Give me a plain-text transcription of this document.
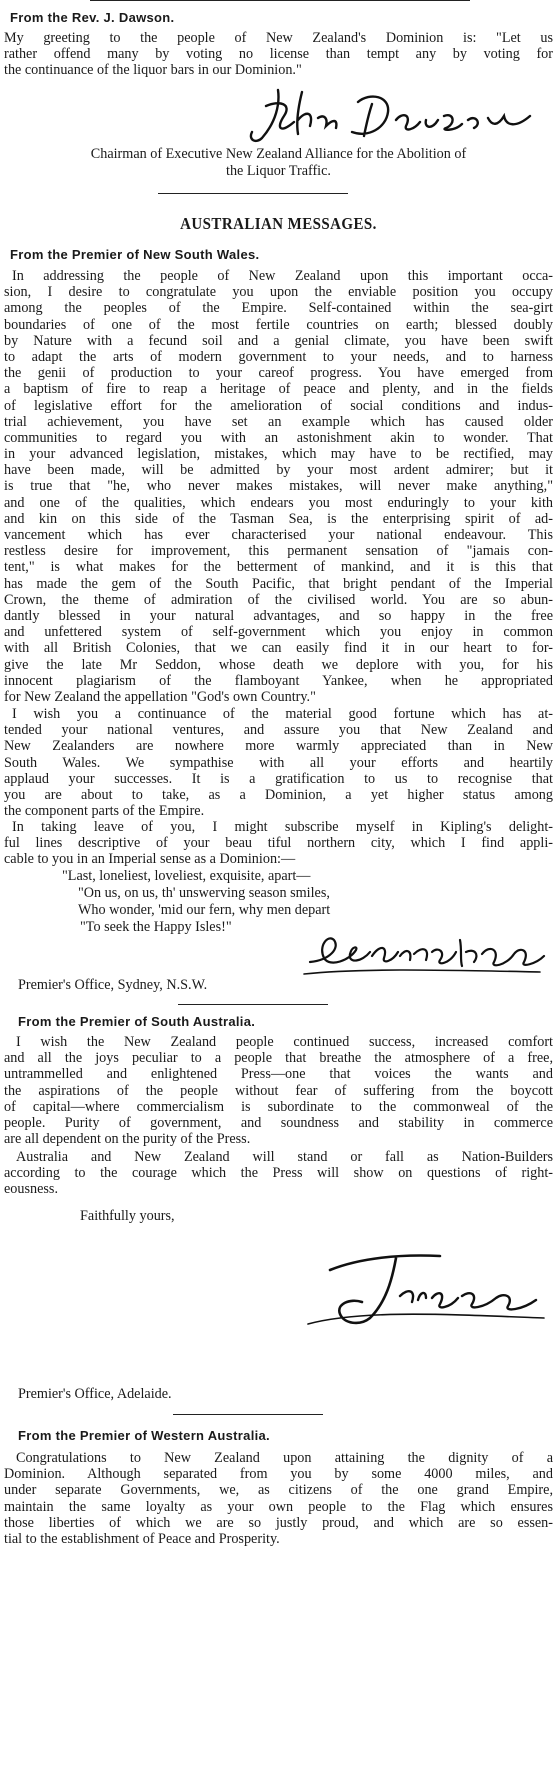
From the Rev. J. Dawson.
My greeting to the people of New Zealand's Dominion is: "Let us
rather offend many by voting no license than tempt any by voting for
the continuance of the liquor bars in our Dominion."
Chairman of Executive New Zealand Alliance for the Abolition of
the Liquor Traffic.
AUSTRALIAN MESSAGES.
From the Premier of New South Wales.
In addressing the people of New Zealand upon this important occa-
sion, I desire to congratulate you upon the enviable position you occupy
among the peoples of the Empire. Self-contained within the sea-girt
boundaries of one of the most fertile countries on earth; blessed doubly
by Nature with a fecund soil and a genial climate, you have been swift
to adapt the arts of modern government to your needs, and to harness
the genii of production to your careof progress. You have emerged from
a baptism of fire to reap a heritage of peace and plenty, and in the fields
of legislative effort for the amelioration of social conditions and indus-
trial achievement, you have set an example which has caused older
communities to regard you with an astonishment akin to wonder. That
in your advanced legislation, mistakes, which may have to be rectified, may
have been made, will be admitted by your most ardent admirer; but it
is true that "he, who never makes mistakes, will never make anything,"
and one of the qualities, which endears you most enduringly to your kith
and kin on this side of the Tasman Sea, is the enterprising spirit of ad-
vancement which has ever characterised your national endeavour. This
restless desire for improvement, this permanent sensation of "jamais con-
tent," is what makes for the betterment of mankind, and it is this that
has made the gem of the South Pacific, that bright pendant of the Imperial
Crown, the theme of admiration of the civilised world. You are so abun-
dantly blessed in your natural advantages, and so happy in the free
and unfettered system of self-government which you enjoy in common
with all British Colonies, that we can easily find it in our heart to for-
give the late Mr Seddon, whose death we deplore with you, for his
innocent plagiarism of the flamboyant Yankee, when he appropriated
for New Zealand the appellation "God's own Country."
I wish you a continuance of the material good fortune which has at-
tended your national ventures, and assure you that New Zealand and
New Zealanders are nowhere more warmly appreciated than in New
South Wales. We sympathise with all your efforts and heartily
applaud your successes. It is a gratification to us to recognise that
you are about to take, as a Dominion, a yet higher status among
the component parts of the Empire.
In taking leave of you, I might subscribe myself in Kipling's delight-
ful lines descriptive of your beau tiful northern city, which I find appli-
cable to you in an Imperial sense as a Dominion:—
"Last, loneliest, loveliest, exquisite, apart—
"On us, on us, th' unswerving season smiles,
Who wonder, 'mid our fern, why men depart
"To seek the Happy Isles!"
Premier's Office, Sydney, N.S.W.
From the Premier of South Australia.
I wish the New Zealand people continued success, increased comfort
and all the joys peculiar to a people that breathe the atmosphere of a free,
untrammelled and enlightened Press—one that voices the wants and
the aspirations of the people without fear of suffering from the boycott
of capital—where commercialism is subordinate to the commonweal of the
people. Purity of government, and soundness and stability in commerce
are all dependent on the purity of the Press.
Australia and New Zealand will stand or fall as Nation-Builders
according to the courage which the Press will show on questions of right-
eousness.
Faithfully yours,
Premier's Office, Adelaide.
From the Premier of Western Australia.
Congratulations to New Zealand upon attaining the dignity of a
Dominion. Although separated from you by some 4000 miles, and
under separate Governments, we, as citizens of the one grand Empire,
maintain the same loyalty as your own people to the Flag which ensures
those liberties of which we are so justly proud, and which are so essen-
tial to the establishment of Peace and Prosperity.
